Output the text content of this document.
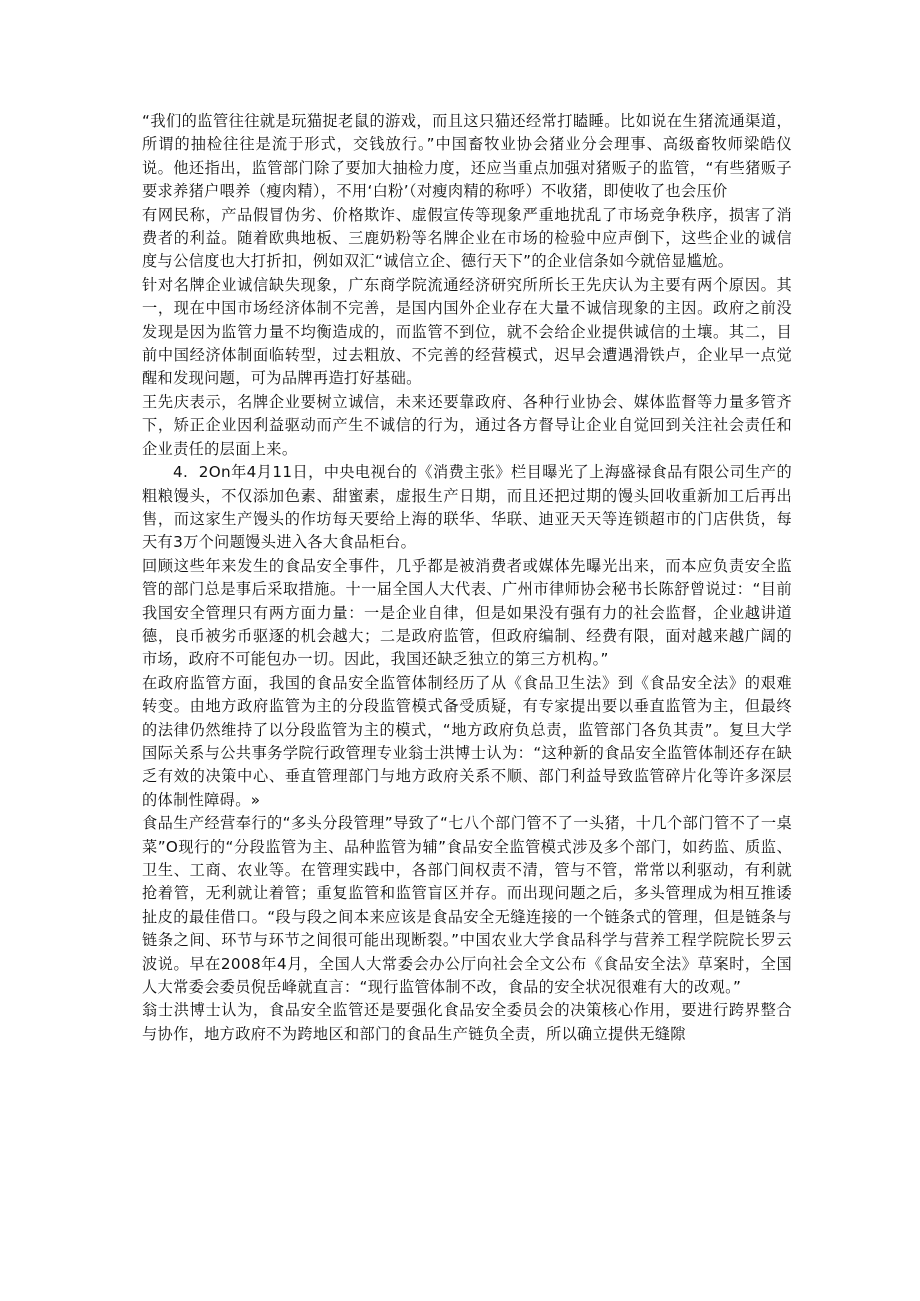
“我们的监管往往就是玩猫捉老鼠的游戏，而且这只猫还经常打瞌睡。比如说在生猪流通渠道，所谓的抽检往往是流于形式，交钱放行。”中国畜牧业协会猪业分会理事、高级畜牧师梁皓仪说。他还指出，监管部门除了要加大抽检力度，还应当重点加强对猪贩子的监管，“有些猪贩子要求养猪户喂养（瘦肉精），不用‘白粉’（对瘦肉精的称呼）不收猪，即使收了也会压价

有网民称，产品假冒伪劣、价格欺诈、虚假宣传等现象严重地扰乱了市场竞争秩序，损害了消费者的利益。随着欧典地板、三鹿奶粉等名牌企业在市场的检验中应声倒下，这些企业的诚信度与公信度也大打折扣，例如双汇“诚信立企、德行天下”的企业信条如今就倍显尴尬。

针对名牌企业诚信缺失现象，广东商学院流通经济研究所所长王先庆认为主要有两个原因。其一，现在中国市场经济体制不完善，是国内国外企业存在大量不诚信现象的主因。政府之前没发现是因为监管力量不均衡造成的，而监管不到位，就不会给企业提供诚信的土壤。其二，目前中国经济体制面临转型，过去粗放、不完善的经营模式，迟早会遭遇滑铁卢，企业早一点觉醒和发现问题，可为品牌再造打好基础。

王先庆表示，名牌企业要树立诚信，未来还要靠政府、各种行业协会、媒体监督等力量多管齐下，矫正企业因利益驱动而产生不诚信的行为，通过各方督导让企业自觉回到关注社会责任和企业责任的层面上来。

4.  2On年4月11日，中央电视台的《消费主张》栏目曝光了上海盛禄食品有限公司生产的粗粮馒头，不仅添加色素、甜蜜素，虚报生产日期，而且还把过期的馒头回收重新加工后再出售，而这家生产馒头的作坊每天要给上海的联华、华联、迪亚天天等连锁超市的门店供货，每天有3万个问题馒头进入各大食品柜台。

回顾这些年来发生的食品安全事件，几乎都是被消费者或媒体先曝光出来，而本应负责安全监管的部门总是事后采取措施。十一届全国人大代表、广州市律师协会秘书长陈舒曾说过：“目前我国安全管理只有两方面力量：一是企业自律，但是如果没有强有力的社会监督，企业越讲道德，良币被劣币驱逐的机会越大；二是政府监管，但政府编制、经费有限，面对越来越广阔的市场，政府不可能包办一切。因此，我国还缺乏独立的第三方机构。”

在政府监管方面，我国的食品安全监管体制经历了从《食品卫生法》到《食品安全法》的艰难转变。由地方政府监管为主的分段监管模式备受质疑，有专家提出要以垂直监管为主，但最终的法律仍然维持了以分段监管为主的模式，“地方政府负总责，监管部门各负其责”。复旦大学国际关系与公共事务学院行政管理专业翁士洪博士认为：“这种新的食品安全监管体制还存在缺乏有效的决策中心、垂直管理部门与地方政府关系不顺、部门利益导致监管碎片化等许多深层的体制性障碍。»

食品生产经营奉行的“多头分段管理”导致了“七八个部门管不了一头猪，十几个部门管不了一桌菜”O现行的“分段监管为主、品种监管为辅”食品安全监管模式涉及多个部门，如药监、质监、卫生、工商、农业等。在管理实践中，各部门间权责不清，管与不管，常常以利驱动，有利就抢着管，无利就让着管；重复监管和监管盲区并存。而出现问题之后，多头管理成为相互推诿扯皮的最佳借口。“段与段之间本来应该是食品安全无缝连接的一个链条式的管理，但是链条与链条之间、环节与环节之间很可能出现断裂。”中国农业大学食品科学与营养工程学院院长罗云波说。早在2008年4月，全国人大常委会办公厅向社会全文公布《食品安全法》草案时，全国人大常委会委员倪岳峰就直言：“现行监管体制不改，食品的安全状况很难有大的改观。”

翁士洪博士认为，食品安全监管还是要强化食品安全委员会的决策核心作用，要进行跨界整合与协作，地方政府不为跨地区和部门的食品生产链负全责，所以确立提供无缝隙
